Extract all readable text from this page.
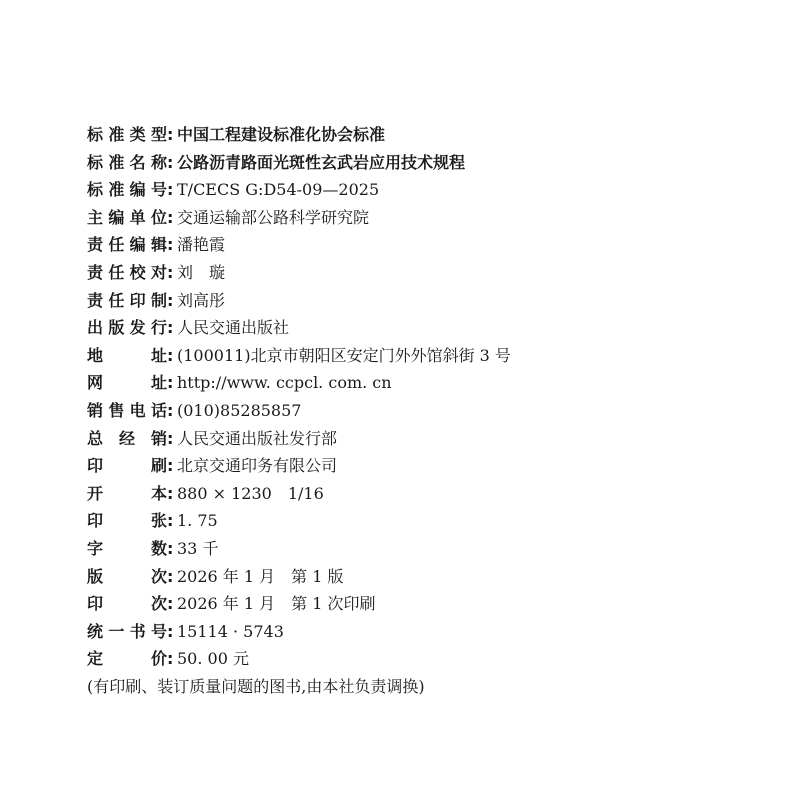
标 准 类 型 : 中国工程建设标准化协会标准
标 准 名 称 : 公路沥青路面光斑性玄武岩应用技术规程
标 准 编 号 : T/CECS G:D54-09—2025
主 编 单 位 : 交通运输部公路科学研究院
责 任 编 辑 : 潘艳霞
责 任 校 对 : 刘　璇
责 任 印 制 : 刘高彤
出 版 发 行 : 人民交通出版社
地	址 : (100011)北京市朝阳区安定门外外馆斜街 3 号
网	址 : http://www. ccpcl. com. cn
销 售 电 话 : (010)85285857
总 经 销 : 人民交通出版社发行部
印	刷 : 北京交通印务有限公司
开	本 : 880 × 1230　1/16
印	张 : 1. 75
字	数 : 33 千
版	次 : 2026 年 1 月　第 1 版
印	次 : 2026 年 1 月　第 1 次印刷
统 一 书 号 : 15114 · 5743
定	价 : 50. 00 元
(有印刷、装订质量问题的图书,由本社负责调换)
